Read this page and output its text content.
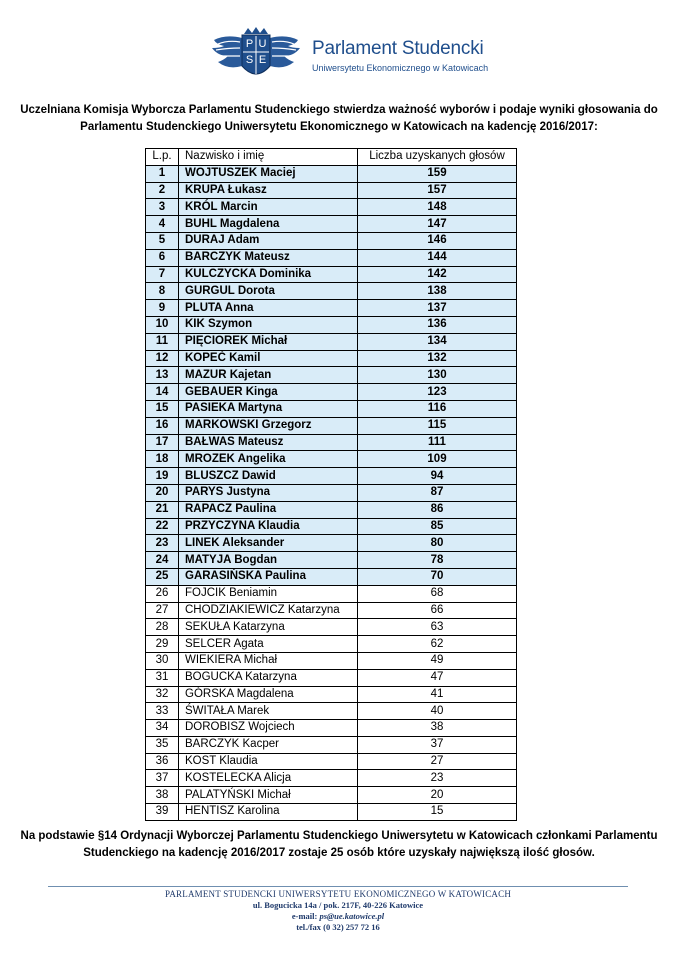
P U
S E
Parlament Studencki
Uniwersytetu Ekonomicznego w Katowicach
Uczelniana Komisja Wyborcza Parlamentu Studenckiego stwierdza ważność wyborów i podaje wyniki głosowania do Parlamentu Studenckiego Uniwersytetu Ekonomicznego w Katowicach na kadencję 2016/2017:
L.p.	Nazwisko i imię	Liczba uzyskanych głosów
1	WOJTUSZEK Maciej	159
2	KRUPA Łukasz	157
3	KRÓL Marcin	148
4	BUHL Magdalena	147
5	DURAJ Adam	146
6	BARCZYK Mateusz	144
7	KULCZYCKA Dominika	142
8	GURGUL Dorota	138
9	PLUTA Anna	137
10	KIK Szymon	136
11	PIĘCIOREK Michał	134
12	KOPEĆ Kamil	132
13	MAZUR Kajetan	130
14	GEBAUER Kinga	123
15	PASIEKA Martyna	116
16	MARKOWSKI Grzegorz	115
17	BAŁWAS Mateusz	111
18	MROZEK Angelika	109
19	BLUSZCZ Dawid	94
20	PARYS Justyna	87
21	RAPACZ Paulina	86
22	PRZYCZYNA Klaudia	85
23	LINEK Aleksander	80
24	MATYJA Bogdan	78
25	GARASIŃSKA Paulina	70
26	FOJCIK Beniamin	68
27	CHODZIAKIEWICZ Katarzyna	66
28	SEKUŁA Katarzyna	63
29	SELCER Agata	62
30	WIEKIERA Michał	49
31	BOGUCKA Katarzyna	47
32	GÓRSKA Magdalena	41
33	ŚWITAŁA Marek	40
34	DOROBISZ Wojciech	38
35	BARCZYK Kacper	37
36	KOST Klaudia	27
37	KOSTELECKA Alicja	23
38	PALATYŃSKI Michał	20
39	HENTISZ Karolina	15
Na podstawie §14 Ordynacji Wyborczej Parlamentu Studenckiego Uniwersytetu w Katowicach członkami Parlamentu Studenckiego na kadencję 2016/2017 zostaje 25 osób które uzyskały największą ilość głosów.
PARLAMENT STUDENCKI UNIWERSYTETU EKONOMICZNEGO W KATOWICACH
ul. Bogucicka 14a / pok. 217F, 40-226 Katowice
e-mail: ps@ue.katowice.pl
tel./fax (0 32) 257 72 16
